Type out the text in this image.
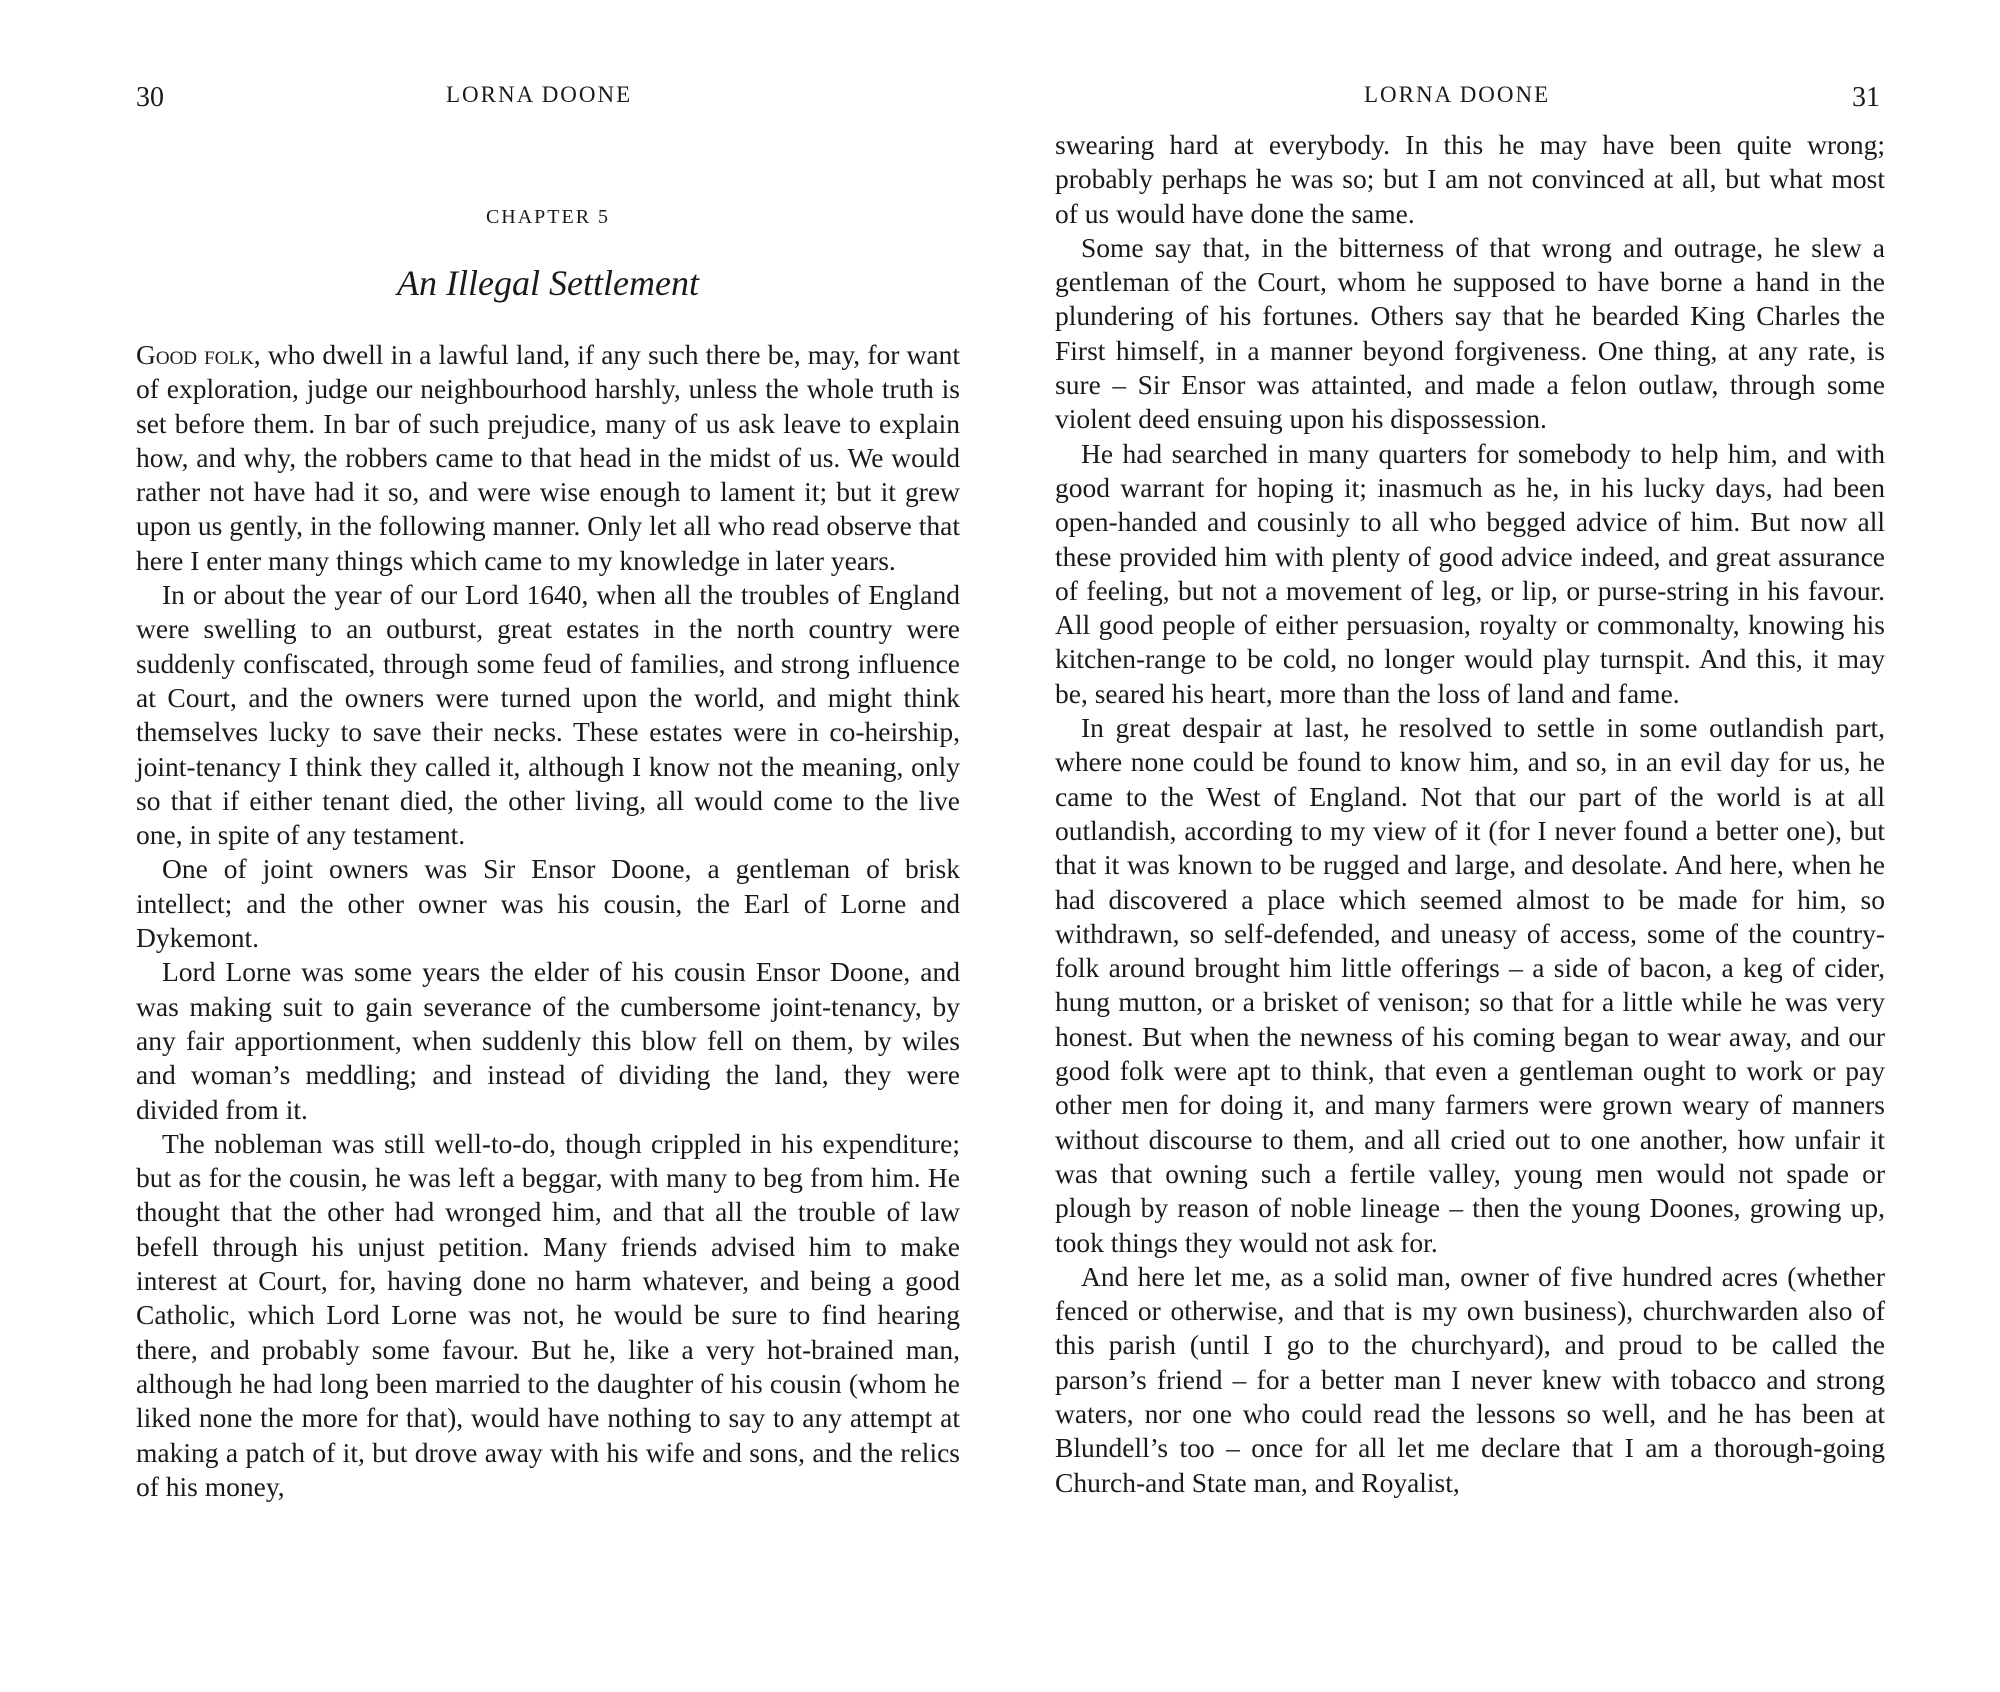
30	LORNA DOONE
CHAPTER 5
An Illegal Settlement

Good folk, who dwell in a lawful land, if any such there be, may, for want of exploration, judge our neighbourhood harshly, unless the whole truth is set before them. In bar of such prejudice, many of us ask leave to explain how, and why, the robbers came to that head in the midst of us. We would rather not have had it so, and were wise enough to lament it; but it grew upon us gently, in the following manner. Only let all who read observe that here I enter many things which came to my knowledge in later years.

In or about the year of our Lord 1640, when all the troubles of England were swelling to an outburst, great estates in the north country were suddenly confiscated, through some feud of families, and strong influence at Court, and the owners were turned upon the world, and might think themselves lucky to save their necks. These estates were in co-heirship, joint-tenancy I think they called it, although I know not the meaning, only so that if either tenant died, the other living, all would come to the live one, in spite of any testament.

One of joint owners was Sir Ensor Doone, a gentleman of brisk intellect; and the other owner was his cousin, the Earl of Lorne and Dykemont.

Lord Lorne was some years the elder of his cousin Ensor Doone, and was making suit to gain severance of the cumbersome joint-tenancy, by any fair apportionment, when suddenly this blow fell on them, by wiles and woman’s meddling; and instead of dividing the land, they were divided from it.

The nobleman was still well-to-do, though crippled in his expenditure; but as for the cousin, he was left a beggar, with many to beg from him. He thought that the other had wronged him, and that all the trouble of law befell through his unjust petition. Many friends advised him to make interest at Court, for, having done no harm whatever, and being a good Catholic, which Lord Lorne was not, he would be sure to find hearing there, and probably some favour. But he, like a very hot-brained man, although he had long been married to the daughter of his cousin (whom he liked none the more for that), would have nothing to say to any attempt at making a patch of it, but drove away with his wife and sons, and the relics of his money,

LORNA DOONE	31

swearing hard at everybody. In this he may have been quite wrong; probably perhaps he was so; but I am not convinced at all, but what most of us would have done the same.

Some say that, in the bitterness of that wrong and outrage, he slew a gentleman of the Court, whom he supposed to have borne a hand in the plundering of his fortunes. Others say that he bearded King Charles the First himself, in a manner beyond forgiveness. One thing, at any rate, is sure – Sir Ensor was attainted, and made a felon outlaw, through some violent deed ensuing upon his dispossession.

He had searched in many quarters for somebody to help him, and with good warrant for hoping it; inasmuch as he, in his lucky days, had been open-handed and cousinly to all who begged advice of him. But now all these provided him with plenty of good advice indeed, and great assurance of feeling, but not a movement of leg, or lip, or purse-string in his favour. All good people of either persuasion, royalty or commonalty, knowing his kitchen-range to be cold, no longer would play turnspit. And this, it may be, seared his heart, more than the loss of land and fame.

In great despair at last, he resolved to settle in some outlandish part, where none could be found to know him, and so, in an evil day for us, he came to the West of England. Not that our part of the world is at all outlandish, according to my view of it (for I never found a better one), but that it was known to be rugged and large, and desolate. And here, when he had discovered a place which seemed almost to be made for him, so withdrawn, so self-defended, and uneasy of access, some of the country-folk around brought him little offerings – a side of bacon, a keg of cider, hung mutton, or a brisket of venison; so that for a little while he was very honest. But when the newness of his coming began to wear away, and our good folk were apt to think, that even a gentleman ought to work or pay other men for doing it, and many farmers were grown weary of manners without discourse to them, and all cried out to one another, how unfair it was that owning such a fertile valley, young men would not spade or plough by reason of noble lineage – then the young Doones, growing up, took things they would not ask for.

And here let me, as a solid man, owner of five hundred acres (whether fenced or otherwise, and that is my own business), churchwarden also of this parish (until I go to the churchyard), and proud to be called the parson’s friend – for a better man I never knew with tobacco and strong waters, nor one who could read the lessons so well, and he has been at Blundell’s too – once for all let me declare that I am a thorough-going Church-and State man, and Royalist,
